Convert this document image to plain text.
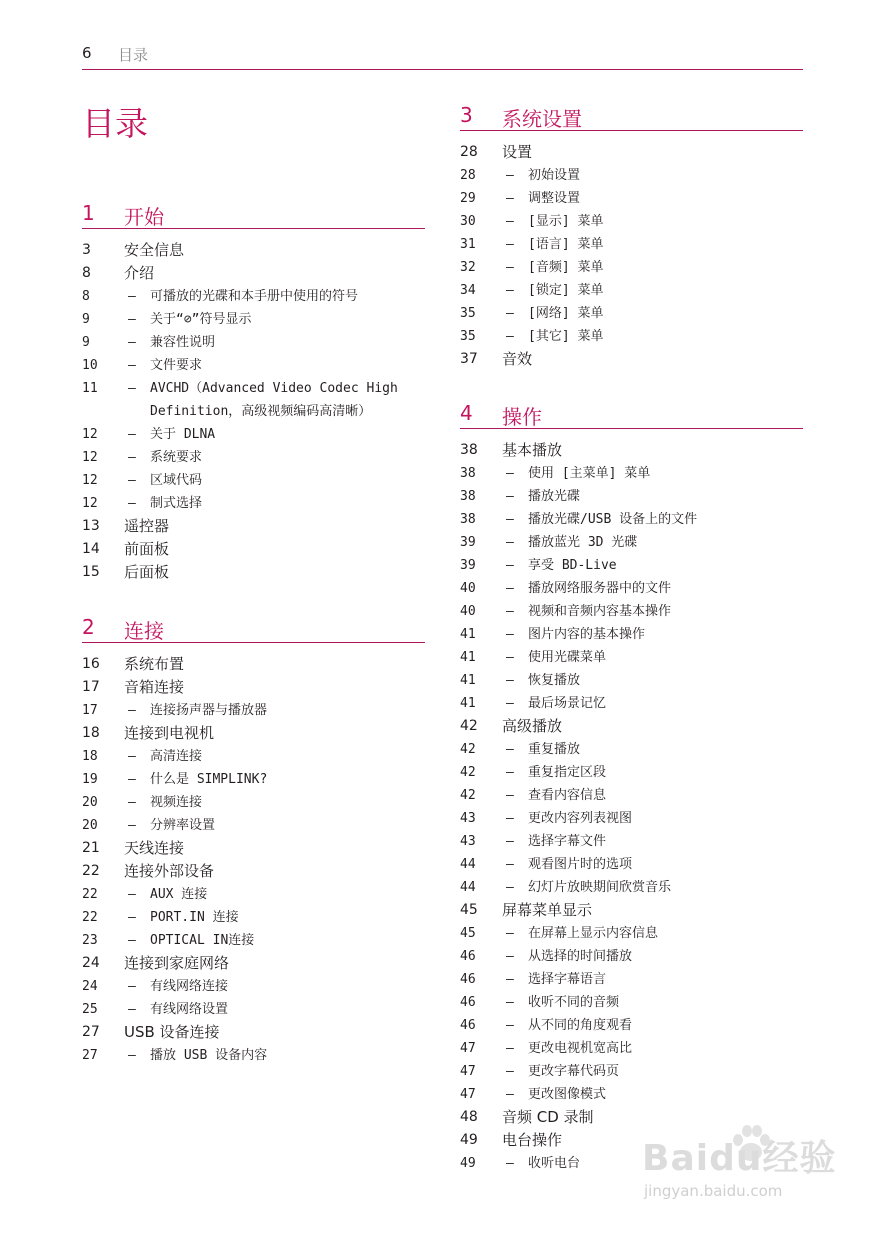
6 目录
目录
1 开始
3	安全信息
8	介绍
8	– 可播放的光碟和本手册中使用的符号
9	– 关于“⊘”符号显示
9	– 兼容性说明
10	– 文件要求
11	– AVCHD（Advanced Video Codec High
Definition，高级视频编码高清晰）
12	– 关于 DLNA
12	– 系统要求
12	– 区域代码
12	– 制式选择
13	遥控器
14	前面板
15	后面板
2 连接
16	系统布置
17	音箱连接
17	– 连接扬声器与播放器
18	连接到电视机
18	– 高清连接
19	– 什么是 SIMPLINK?
20	– 视频连接
20	– 分辨率设置
21	天线连接
22	连接外部设备
22	– AUX 连接
22	– PORT.IN 连接
23	– OPTICAL IN连接
24	连接到家庭网络
24	– 有线网络连接
25	– 有线网络设置
27	USB 设备连接
27	– 播放 USB 设备内容
3 系统设置
28	设置
28	– 初始设置
29	– 调整设置
30	– [显示] 菜单
31	– [语言] 菜单
32	– [音频] 菜单
34	– [锁定] 菜单
35	– [网络] 菜单
35	– [其它] 菜单
37	音效
4 操作
38	基本播放
38	– 使用 [主菜单] 菜单
38	– 播放光碟
38	– 播放光碟/USB 设备上的文件
39	– 播放蓝光 3D 光碟
39	– 享受 BD-Live
40	– 播放网络服务器中的文件
40	– 视频和音频内容基本操作
41	– 图片内容的基本操作
41	– 使用光碟菜单
41	– 恢复播放
41	– 最后场景记忆
42	高级播放
42	– 重复播放
42	– 重复指定区段
42	– 查看内容信息
43	– 更改内容列表视图
43	– 选择字幕文件
44	– 观看图片时的选项
44	– 幻灯片放映期间欣赏音乐
45	屏幕菜单显示
45	– 在屏幕上显示内容信息
46	– 从选择的时间播放
46	– 选择字幕语言
46	– 收听不同的音频
46	– 从不同的角度观看
47	– 更改电视机宽高比
47	– 更改字幕代码页
47	– 更改图像模式
48	音频 CD 录制
49	电台操作
49	– 收听电台	Baidu经验
jingyan.baidu.com
